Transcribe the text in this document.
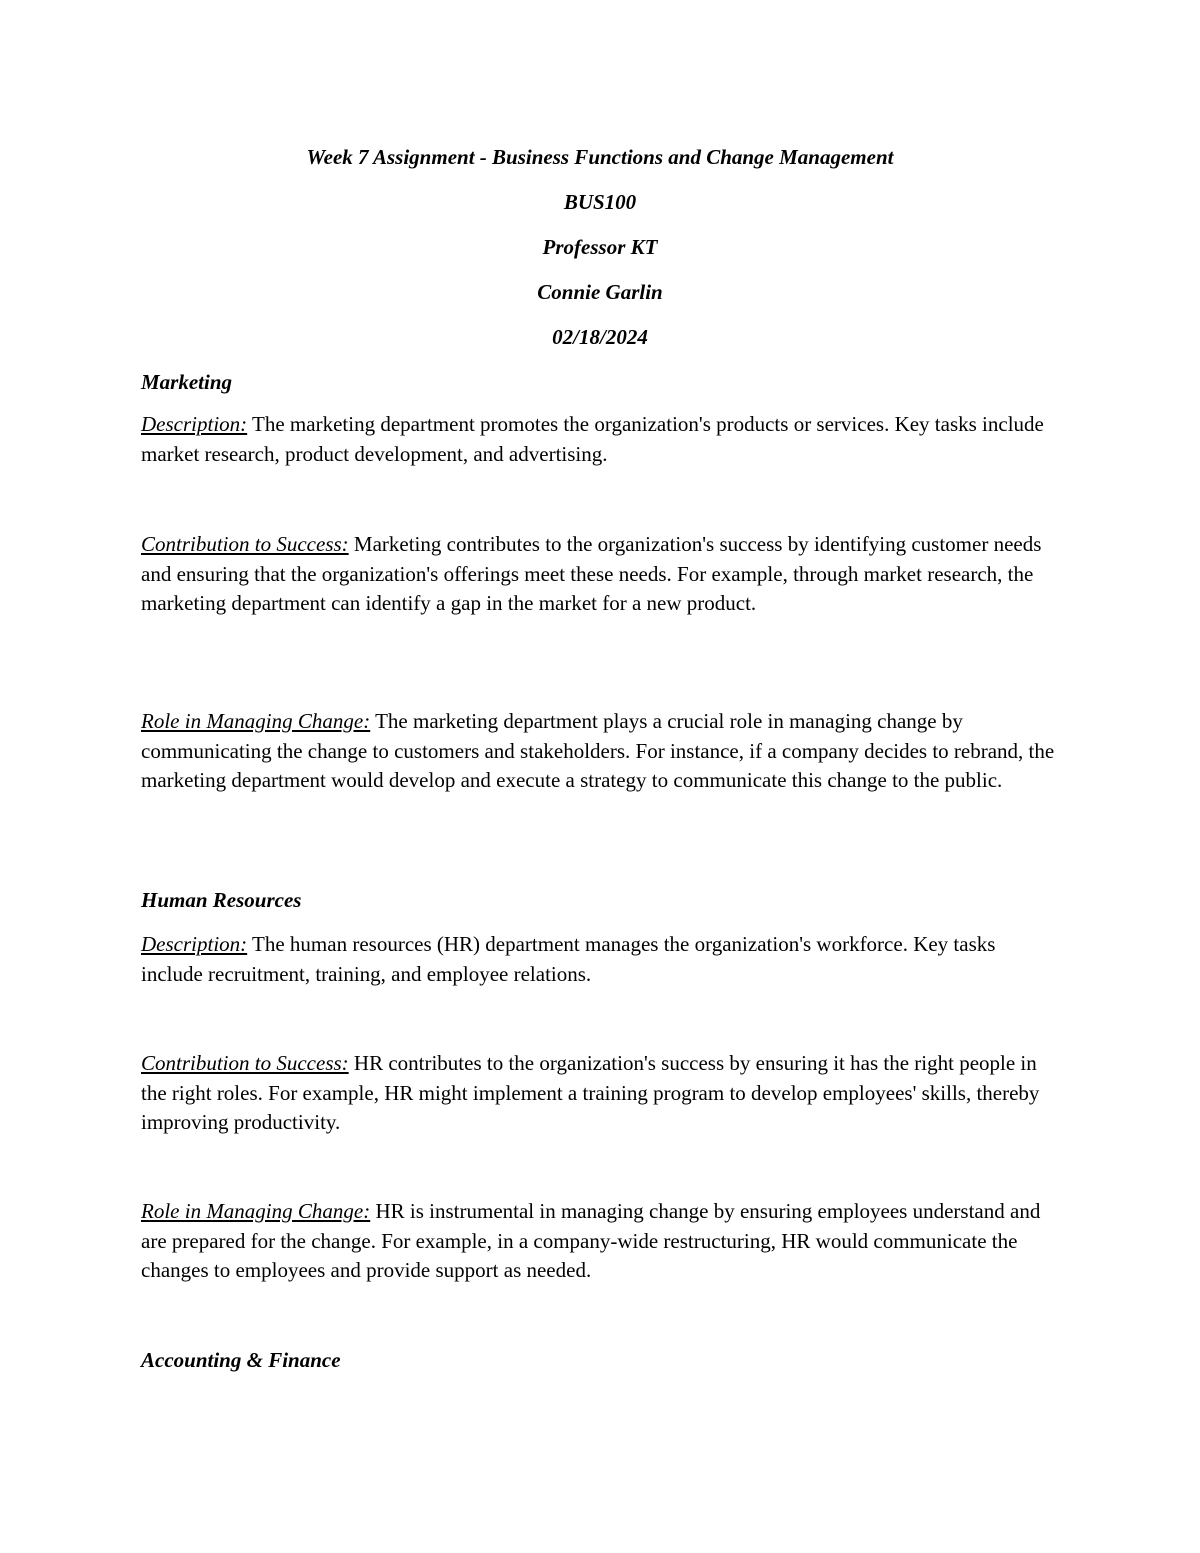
Week 7 Assignment - Business Functions and Change Management
BUS100
Professor KT
Connie Garlin
02/18/2024
Marketing

Description: The marketing department promotes the organization's products or services. Key tasks include market research, product development, and advertising.

Contribution to Success: Marketing contributes to the organization's success by identifying customer needs and ensuring that the organization's offerings meet these needs. For example, through market research, the marketing department can identify a gap in the market for a new product.

Role in Managing Change: The marketing department plays a crucial role in managing change by communicating the change to customers and stakeholders. For instance, if a company decides to rebrand, the marketing department would develop and execute a strategy to communicate this change to the public.

Human Resources

Description: The human resources (HR) department manages the organization's workforce. Key tasks include recruitment, training, and employee relations.

Contribution to Success: HR contributes to the organization's success by ensuring it has the right people in the right roles. For example, HR might implement a training program to develop employees' skills, thereby improving productivity.

Role in Managing Change: HR is instrumental in managing change by ensuring employees understand and are prepared for the change. For example, in a company-wide restructuring, HR would communicate the changes to employees and provide support as needed.

Accounting & Finance
